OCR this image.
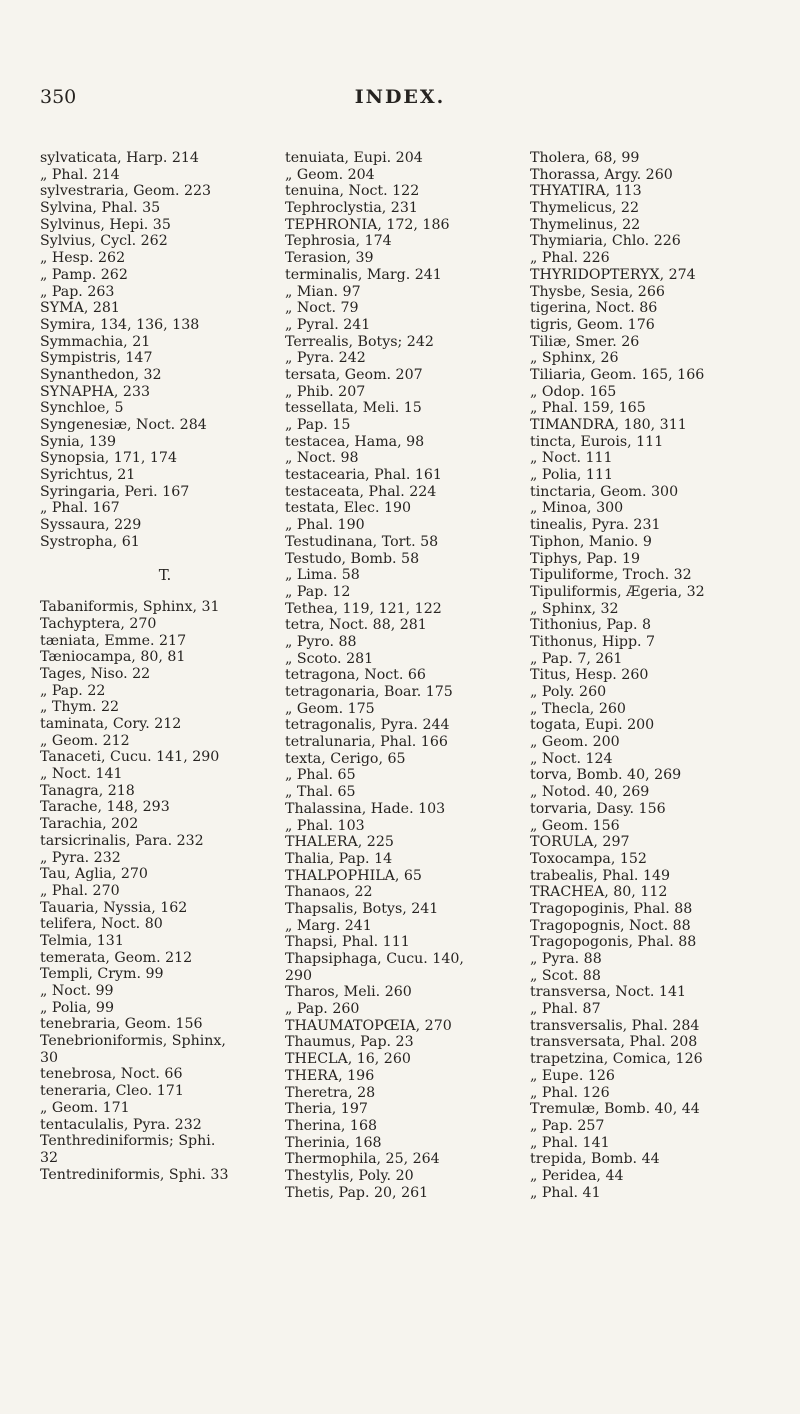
350	INDEX.
sylvaticata, Harp. 214
„ Phal. 214
sylvestraria, Geom. 223
Sylvina, Phal. 35
Sylvinus, Hepi. 35
Sylvius, Cycl. 262
„ Hesp. 262
„ Pamp. 262
„ Pap. 263
SYMA, 281
Symira, 134, 136, 138
Symmachia, 21
Sympistris, 147
Synanthedon, 32
SYNAPHA, 233
Synchloe, 5
Syngenesiæ, Noct. 284
Synia, 139
Synopsia, 171, 174
Syrichtus, 21
Syringaria, Peri. 167
„ Phal. 167
Syssaura, 229
Systropha, 61
T.
Tabaniformis, Sphinx, 31
Tachyptera, 270
tæniata, Emme. 217
Tæniocampa, 80, 81
Tages, Niso. 22
„ Pap. 22
„ Thym. 22
taminata, Cory. 212
„ Geom. 212
Tanaceti, Cucu. 141, 290
„ Noct. 141
Tanagra, 218
Tarache, 148, 293
Tarachia, 202
tarsicrinalis, Para. 232
„ Pyra. 232
Tau, Aglia, 270
„ Phal. 270
Tauaria, Nyssia, 162
telifera, Noct. 80
Telmia, 131
temerata, Geom. 212
Templi, Crym. 99
„ Noct. 99
„ Polia, 99
tenebraria, Geom. 156
Tenebrioniformis, Sphinx,
30
tenebrosa, Noct. 66
teneraria, Cleo. 171
„ Geom. 171
tentaculalis, Pyra. 232
Tenthrediniformis; Sphi.
32
Tentrediniformis, Sphi. 33
tenuiata, Eupi. 204
„ Geom. 204
tenuina, Noct. 122
Tephroclystia, 231
TEPHRONIA, 172, 186
Tephrosia, 174
Terasion, 39
terminalis, Marg. 241
„ Mian. 97
„ Noct. 79
„ Pyral. 241
Terrealis, Botys; 242
„ Pyra. 242
tersata, Geom. 207
„ Phib. 207
tessellata, Meli. 15
„ Pap. 15
testacea, Hama, 98
„ Noct. 98
testacearia, Phal. 161
testaceata, Phal. 224
testata, Elec. 190
„ Phal. 190
Testudinana, Tort. 58
Testudo, Bomb. 58
„ Lima. 58
„ Pap. 12
Tethea, 119, 121, 122
tetra, Noct. 88, 281
„ Pyro. 88
„ Scoto. 281
tetragona, Noct. 66
tetragonaria, Boar. 175
„ Geom. 175
tetragonalis, Pyra. 244
tetralunaria, Phal. 166
texta, Cerigo, 65
„ Phal. 65
„ Thal. 65
Thalassina, Hade. 103
„ Phal. 103
THALERA, 225
Thalia, Pap. 14
THALPOPHILA, 65
Thanaos, 22
Thapsalis, Botys, 241
„ Marg. 241
Thapsi, Phal. 111
Thapsiphaga, Cucu. 140,
290
Tharos, Meli. 260
„ Pap. 260
THAUMATOPŒIA, 270
Thaumus, Pap. 23
THECLA, 16, 260
THERA, 196
Theretra, 28
Theria, 197
Therina, 168
Therinia, 168
Thermophila, 25, 264
Thestylis, Poly. 20
Thetis, Pap. 20, 261
Tholera, 68, 99
Thorassa, Argy. 260
THYATIRA, 113
Thymelicus, 22
Thymelinus, 22
Thymiaria, Chlo. 226
„ Phal. 226
THYRIDOPTERYX, 274
Thysbe, Sesia, 266
tigerina, Noct. 86
tigris, Geom. 176
Tiliæ, Smer. 26
„ Sphinx, 26
Tiliaria, Geom. 165, 166
„ Odop. 165
„ Phal. 159, 165
TIMANDRA, 180, 311
tincta, Eurois, 111
„ Noct. 111
„ Polia, 111
tinctaria, Geom. 300
„ Minoa, 300
tinealis, Pyra. 231
Tiphon, Manio. 9
Tiphys, Pap. 19
Tipuliforme, Troch. 32
Tipuliformis, Ægeria, 32
„ Sphinx, 32
Tithonius, Pap. 8
Tithonus, Hipp. 7
„ Pap. 7, 261
Titus, Hesp. 260
„ Poly. 260
„ Thecla, 260
togata, Eupi. 200
„ Geom. 200
„ Noct. 124
torva, Bomb. 40, 269
„ Notod. 40, 269
torvaria, Dasy. 156
„ Geom. 156
TORULA, 297
Toxocampa, 152
trabealis, Phal. 149
TRACHEA, 80, 112
Tragopoginis, Phal. 88
Tragopognis, Noct. 88
Tragopogonis, Phal. 88
„ Pyra. 88
„ Scot. 88
transversa, Noct. 141
„ Phal. 87
transversalis, Phal. 284
transversata, Phal. 208
trapetzina, Comica, 126
„ Eupe. 126
„ Phal. 126
Tremulæ, Bomb. 40, 44
„ Pap. 257
„ Phal. 141
trepida, Bomb. 44
„ Peridea, 44
„ Phal. 41
